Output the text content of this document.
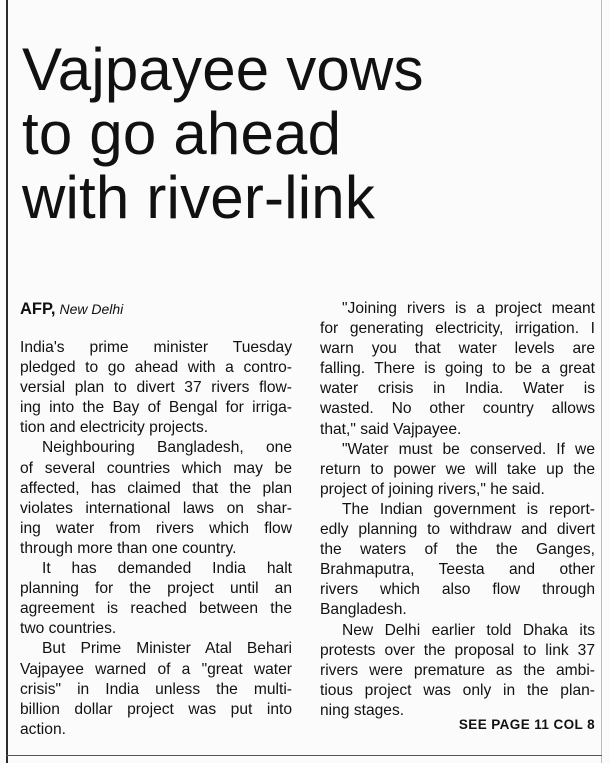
Vajpayee vows
to go ahead
with river-link
AFP, New Delhi

India's prime minister Tuesday
pledged to go ahead with a contro-
versial plan to divert 37 rivers flow-
ing into the Bay of Bengal for irriga-
tion and electricity projects.

Neighbouring Bangladesh, one
of several countries which may be
affected, has claimed that the plan
violates international laws on shar-
ing water from rivers which flow
through more than one country.

It has demanded India halt
planning for the project until an
agreement is reached between the
two countries.

But Prime Minister Atal Behari
Vajpayee warned of a "great water
crisis" in India unless the multi-
billion dollar project was put into
action.

"Joining rivers is a project meant
for generating electricity, irrigation. I
warn you that water levels are
falling. There is going to be a great
water crisis in India. Water is
wasted. No other country allows
that," said Vajpayee.

"Water must be conserved. If we
return to power we will take up the
project of joining rivers," he said.

The Indian government is report-
edly planning to withdraw and divert
the waters of the the Ganges,
Brahmaputra, Teesta and other
rivers which also flow through
Bangladesh.

New Delhi earlier told Dhaka its
protests over the proposal to link 37
rivers were premature as the ambi-
tious project was only in the plan-
ning stages.

SEE PAGE 11 COL 8
